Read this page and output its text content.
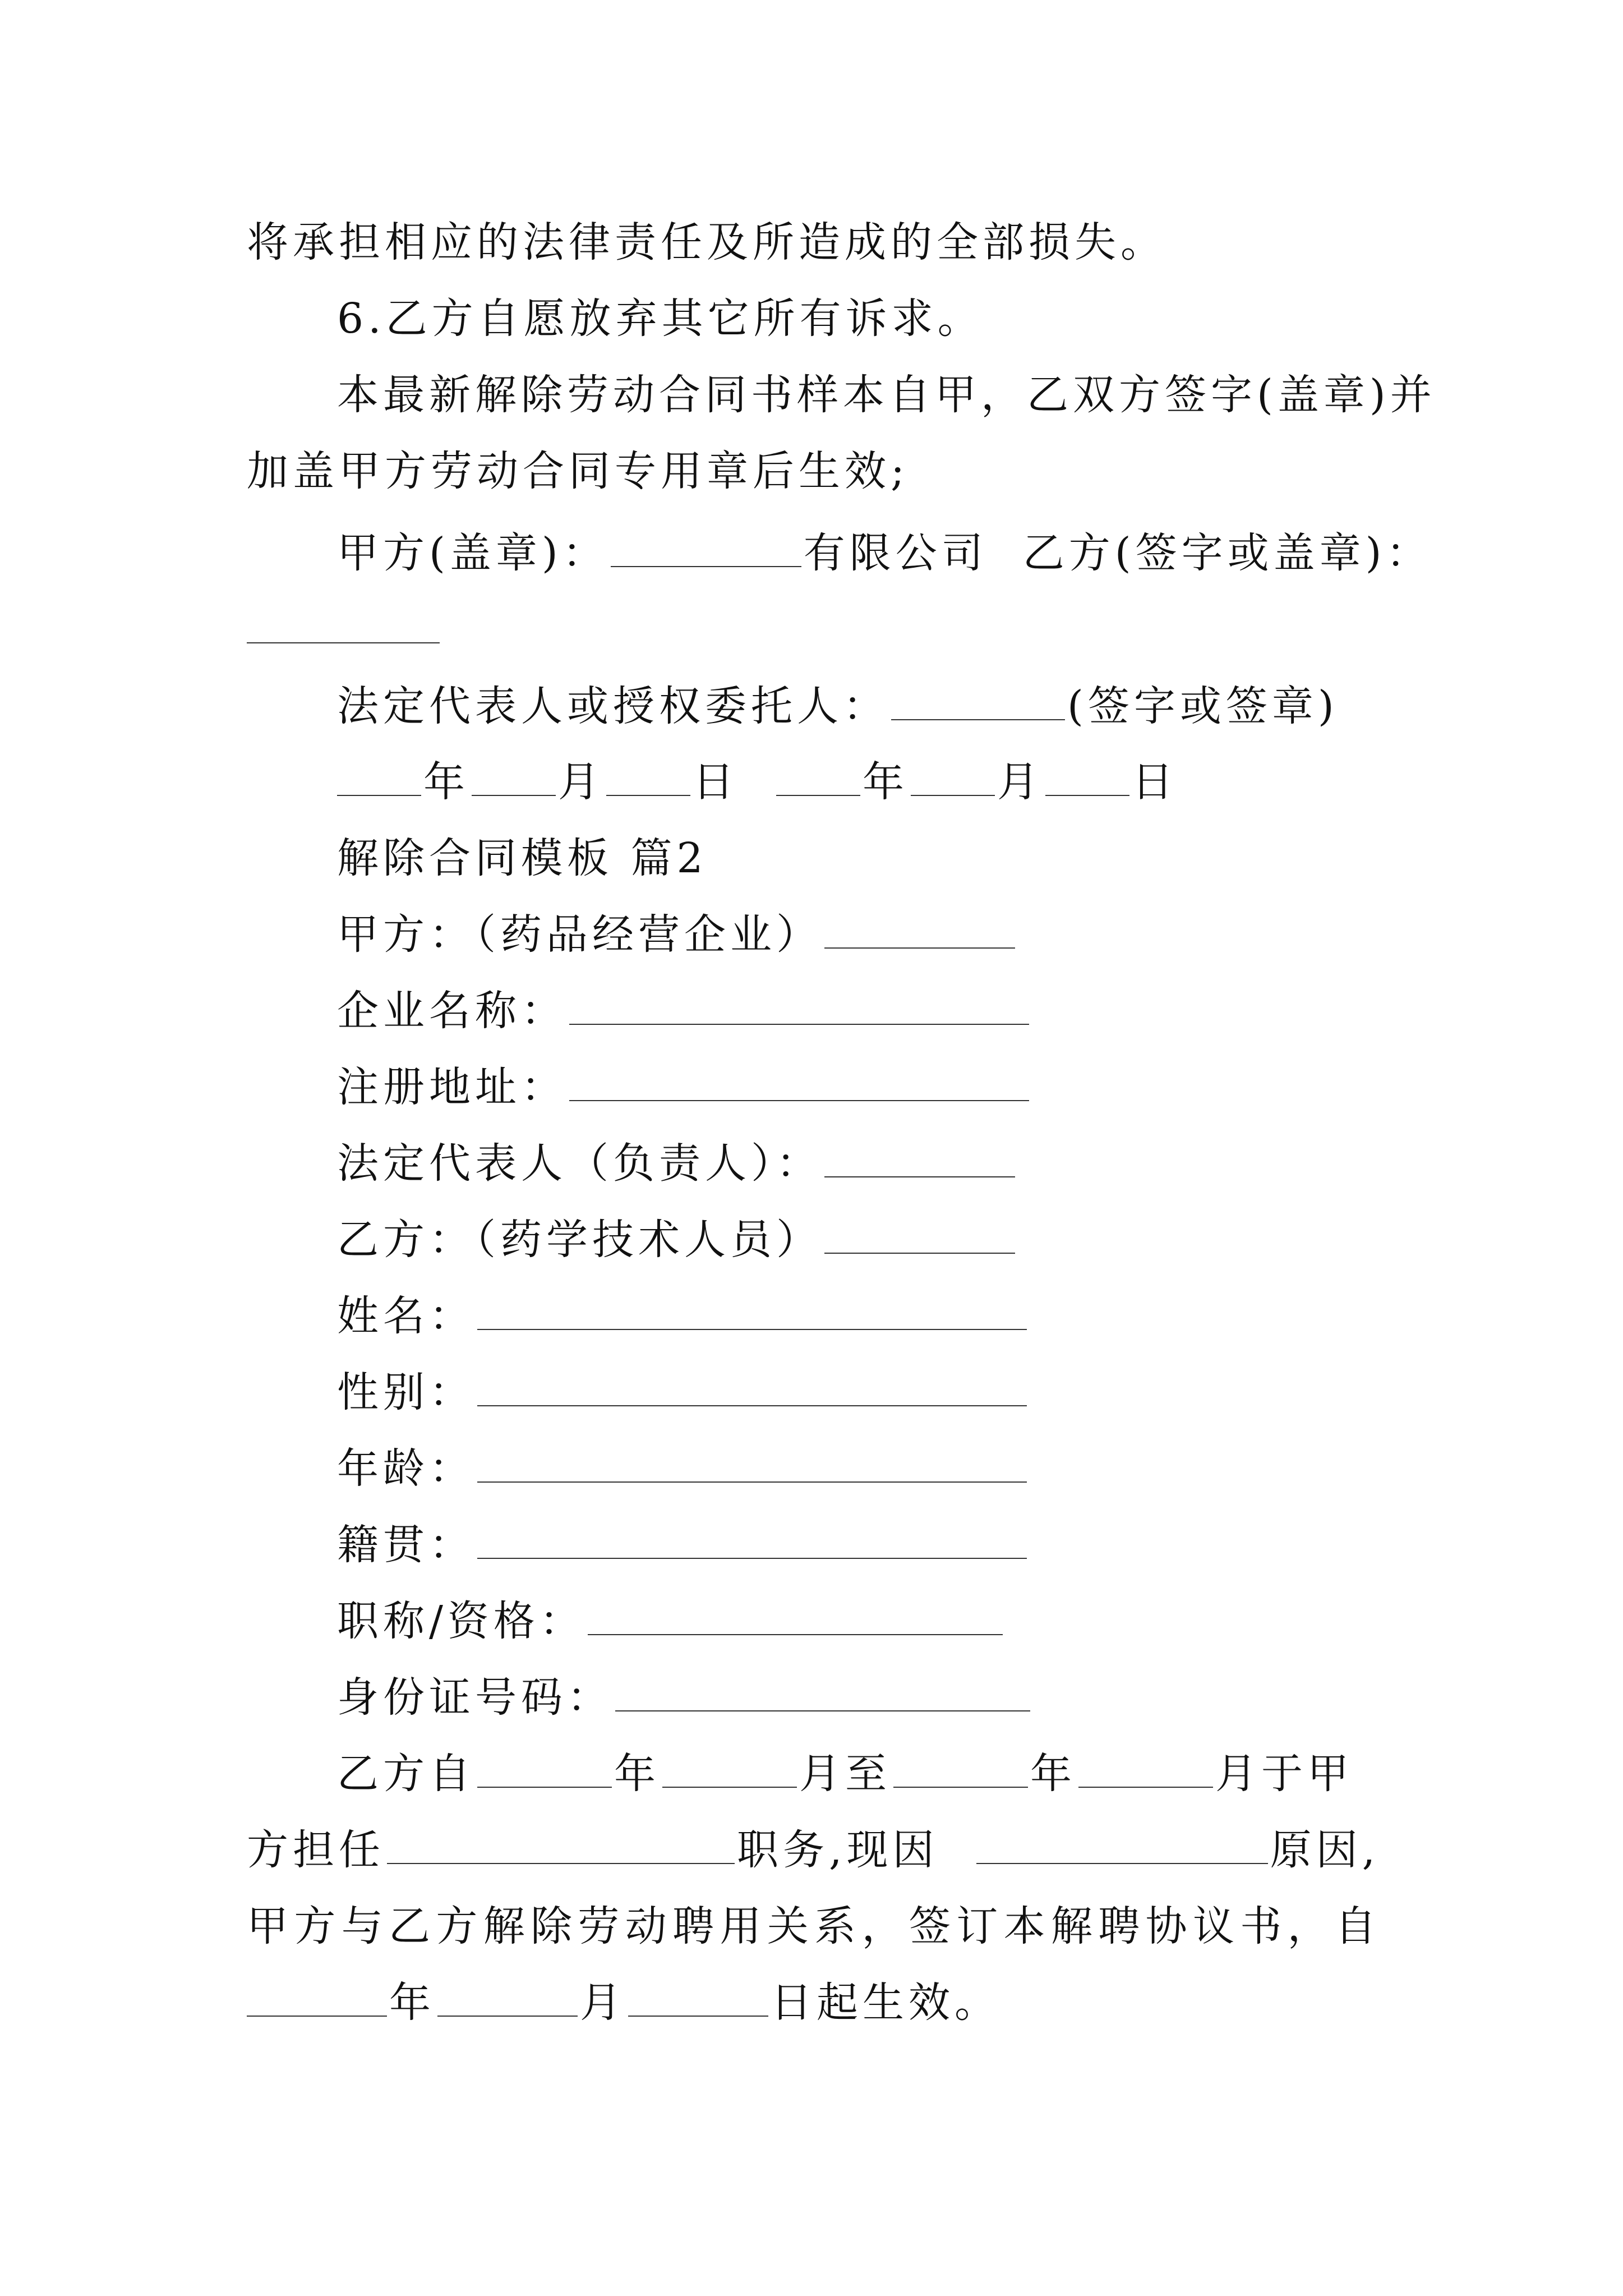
将承担相应的法律责任及所造成的全部损失。
6.乙方自愿放弃其它所有诉求。
本最新解除劳动合同书样本自甲，乙双方签字(盖章)并
加盖甲方劳动合同专用章后生效;
甲方(盖章)：	有限公司 乙方(签字或盖章)：
法定代表人或授权委托人：	(签字或签章)
年 月 日	年 月 日
解除合同模板 篇2
甲方：（药品经营企业）
企业名称：
注册地址：
法定代表人（负责人）：
乙方：（药学技术人员）
姓名：
性别：
年龄：
籍贯：
职称/资格：
身份证号码：
乙方自	年	月至	年	月于甲
方担任	职务,现因	原因,
甲方与乙方解除劳动聘用关系，签订本解聘协议书，自
年	月	日起生效。
